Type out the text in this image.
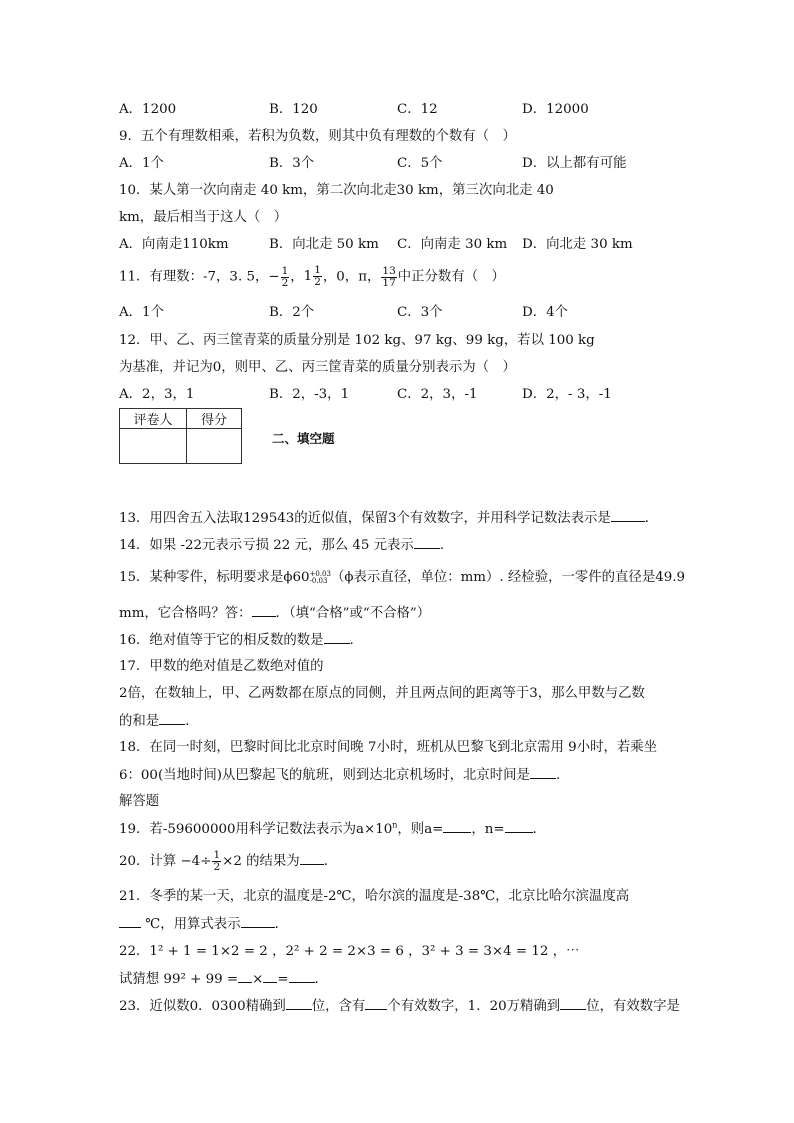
A．1200	B．120	C．12	D．12000
9．五个有理数相乘，若积为负数，则其中负有理数的个数有（　）
A．1个	B．3个	C．5个	D．以上都有可能
10．某人第一次向南走 40 km，第二次向北走30 km，第三次向北走 40
km，最后相当于这人（　）
A．向南走110km	B．向北走 50 km C．向南走 30 km D．向北走 30 km
11．有理数：-7，3. 5，− $\frac{1}{2}$ ，$1 \frac{1}{2}$ ，0，π， $\frac{13}{17}$ 中正分数有（　）
A．1个	B．2个	C．3个	D．4个
12．甲、乙、丙三筐青菜的质量分别是 102 kg、97 kg、99 kg，若以 100 kg
为基准，并记为0，则甲、乙、丙三筐青菜的质量分别表示为（　）
A．2，3，1	B．2，-3，1	C．2，3，-1	D．2，- 3，-1
评卷人	得分

二、填空题
13．用四舍五入法取129543的近似值，保留3个有效数字，并用科学记数法表示是	．
14．如果 -22元表示亏损 22 元，那么 45 元表示 ．
15．某种零件，标明要求是ϕ60 +0.03
-0.03 （ϕ表示直径，单位：mm）. 经检验，一零件的直径是49.9
mm，它合格吗？答： ．（填“合格”或“不合格”）
16．绝对值等于它的相反数的数是 .
17．甲数的绝对值是乙数绝对值的
2倍，在数轴上，甲、乙两数都在原点的同侧，并且两点间的距离等于3，那么甲数与乙数
的和是 .
18．在同一时刻，巴黎时间比北京时间晚 7小时，班机从巴黎飞到北京需用 9小时，若乘坐
6：00(当地时间)从巴黎起飞的航班，则到达北京机场时，北京时间是 .
解答题
19．若-59600000用科学记数法表示为$a\times 10^n$，则a= ，n= ．
20．计算 $-4\div \frac{1}{2} \times 2$ 的结果为 ．
21．冬季的某一天，北京的温度是-2℃，哈尔滨的温度是-38℃，北京比哈尔滨温度高
℃，用算式表示	．
22．1² + 1 = 1×2 = 2 ，2² + 2 = 2×3 = 6 ，3² + 3 = 3×4 = 12 ，⋯
试猜想 99² + 99 = × = ．
23．近似数0．0300精确到 位，含有 个有效数字，1．20万精确到 位，有效数字是
